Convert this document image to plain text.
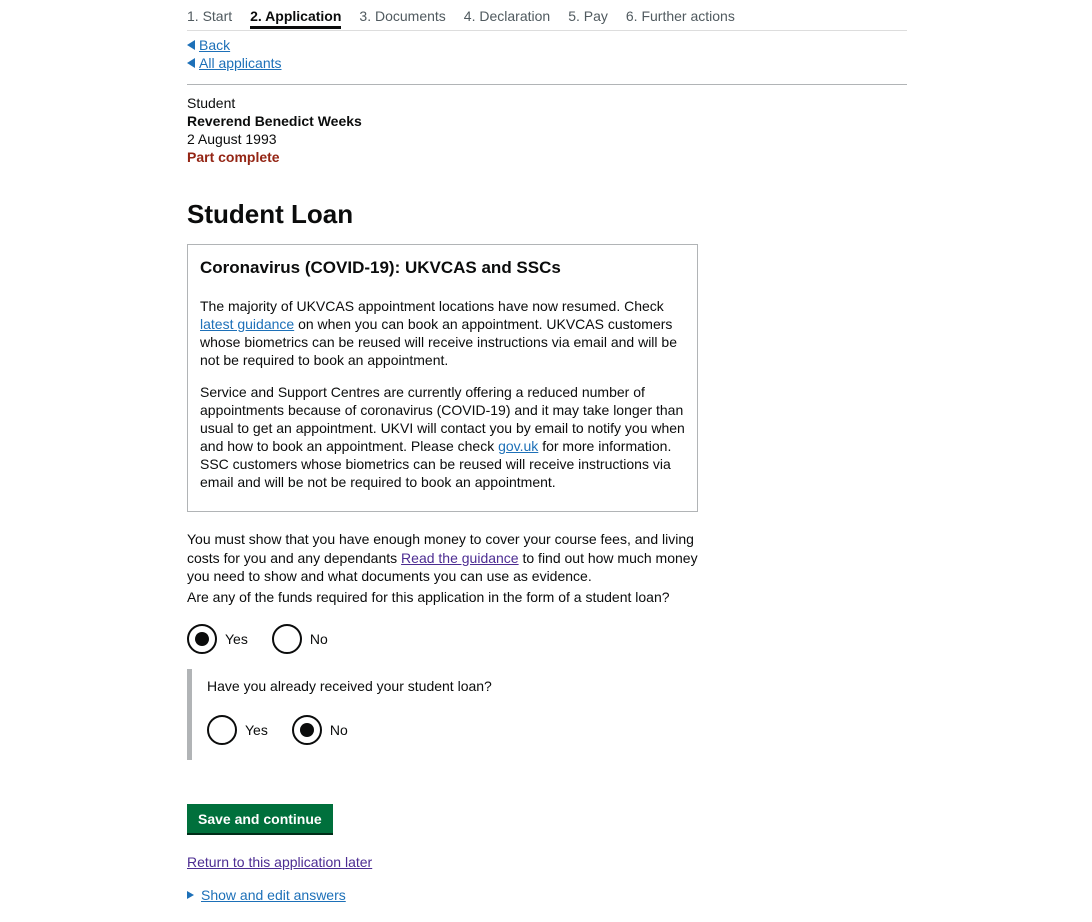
1. Start 2. Application 3. Documents 4. Declaration 5. Pay 6. Further actions
Back
All applicants
Student
Reverend Benedict Weeks
2 August 1993
Part complete
Student Loan
Coronavirus (COVID-19): UKVCAS and SSCs

The majority of UKVCAS appointment locations have now resumed. Check latest guidance on when you can book an appointment. UKVCAS customers whose biometrics can be reused will receive instructions via email and will be not be required to book an appointment.

Service and Support Centres are currently offering a reduced number of appointments because of coronavirus (COVID-19) and it may take longer than usual to get an appointment. UKVI will contact you by email to notify you when and how to book an appointment. Please check gov.uk for more information. SSC customers whose biometrics can be reused will receive instructions via email and will be not be required to book an appointment.

You must show that you have enough money to cover your course fees, and living costs for you and any dependants Read the guidance to find out how much money you need to show and what documents you can use as evidence.

Are any of the funds required for this application in the form of a student loan?

Yes	No
Have you already received your student loan?
Yes	No
Save and continue
Return to this application later
Show and edit answers
